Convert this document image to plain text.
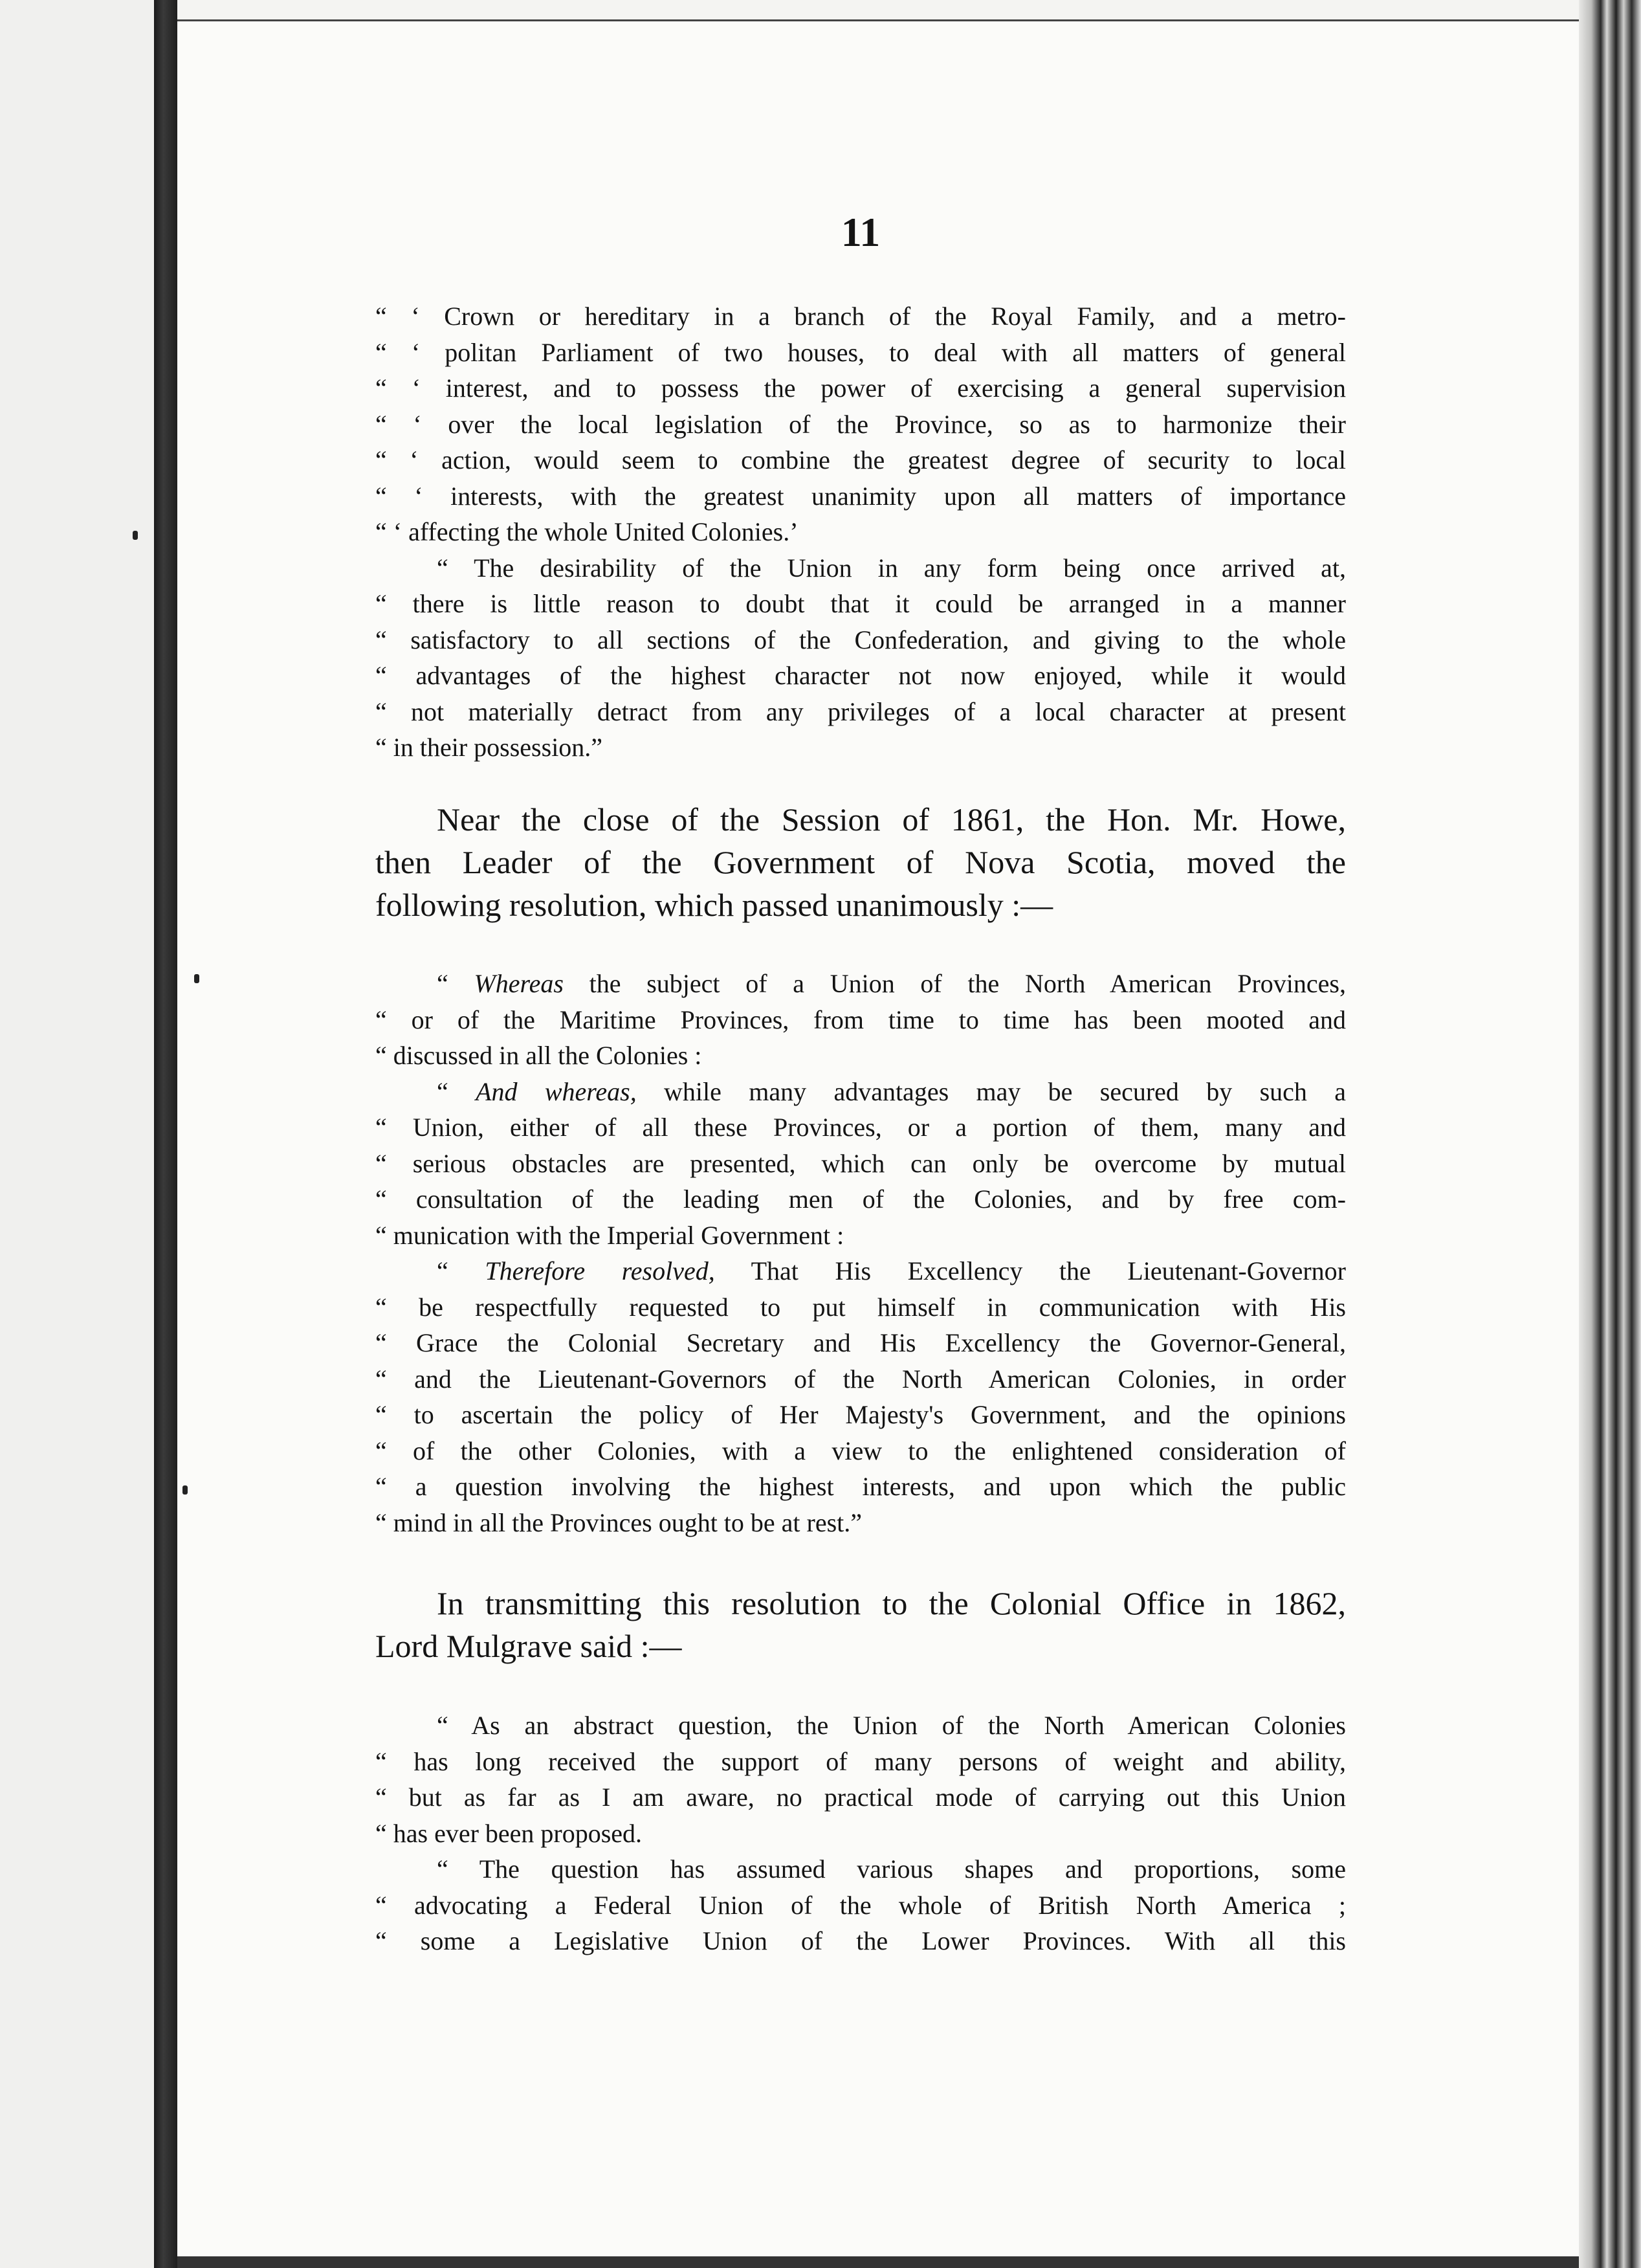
11
“ ‘ Crown or hereditary in a branch of the Royal Family, and a metro-
“ ‘ politan Parliament of two houses, to deal with all matters of general
“ ‘ interest, and to possess the power of exercising a general supervision
“ ‘ over the local legislation of the Province, so as to harmonize their
“ ‘ action, would seem to combine the greatest degree of security to local
“ ‘ interests, with the greatest unanimity upon all matters of importance
“ ‘ affecting the whole United Colonies.’
“ The desirability of the Union in any form being once arrived at,
“ there is little reason to doubt that it could be arranged in a manner
“ satisfactory to all sections of the Confederation, and giving to the whole
“ advantages of the highest character not now enjoyed, while it would
“ not materially detract from any privileges of a local character at present
“ in their possession.”
Near the close of the Session of 1861, the Hon. Mr. Howe,
then Leader of the Government of Nova Scotia, moved the
following resolution, which passed unanimously :—
“ Whereas the subject of a Union of the North American Provinces,
“ or of the Maritime Provinces, from time to time has been mooted and
“ discussed in all the Colonies :
“ And whereas, while many advantages may be secured by such a
“ Union, either of all these Provinces, or a portion of them, many and
“ serious obstacles are presented, which can only be overcome by mutual
“ consultation of the leading men of the Colonies, and by free com-
“ munication with the Imperial Government :
“ Therefore resolved, That His Excellency the Lieutenant-Governor
“ be respectfully requested to put himself in communication with His
“ Grace the Colonial Secretary and His Excellency the Governor-General,
“ and the Lieutenant-Governors of the North American Colonies, in order
“ to ascertain the policy of Her Majesty's Government, and the opinions
“ of the other Colonies, with a view to the enlightened consideration of
“ a question involving the highest interests, and upon which the public
“ mind in all the Provinces ought to be at rest.”
In transmitting this resolution to the Colonial Office in 1862,
Lord Mulgrave said :—
“ As an abstract question, the Union of the North American Colonies
“ has long received the support of many persons of weight and ability,
“ but as far as I am aware, no practical mode of carrying out this Union
“ has ever been proposed.
“ The question has assumed various shapes and proportions, some
“ advocating a Federal Union of the whole of British North America ;
“ some a Legislative Union of the Lower Provinces. With all this
